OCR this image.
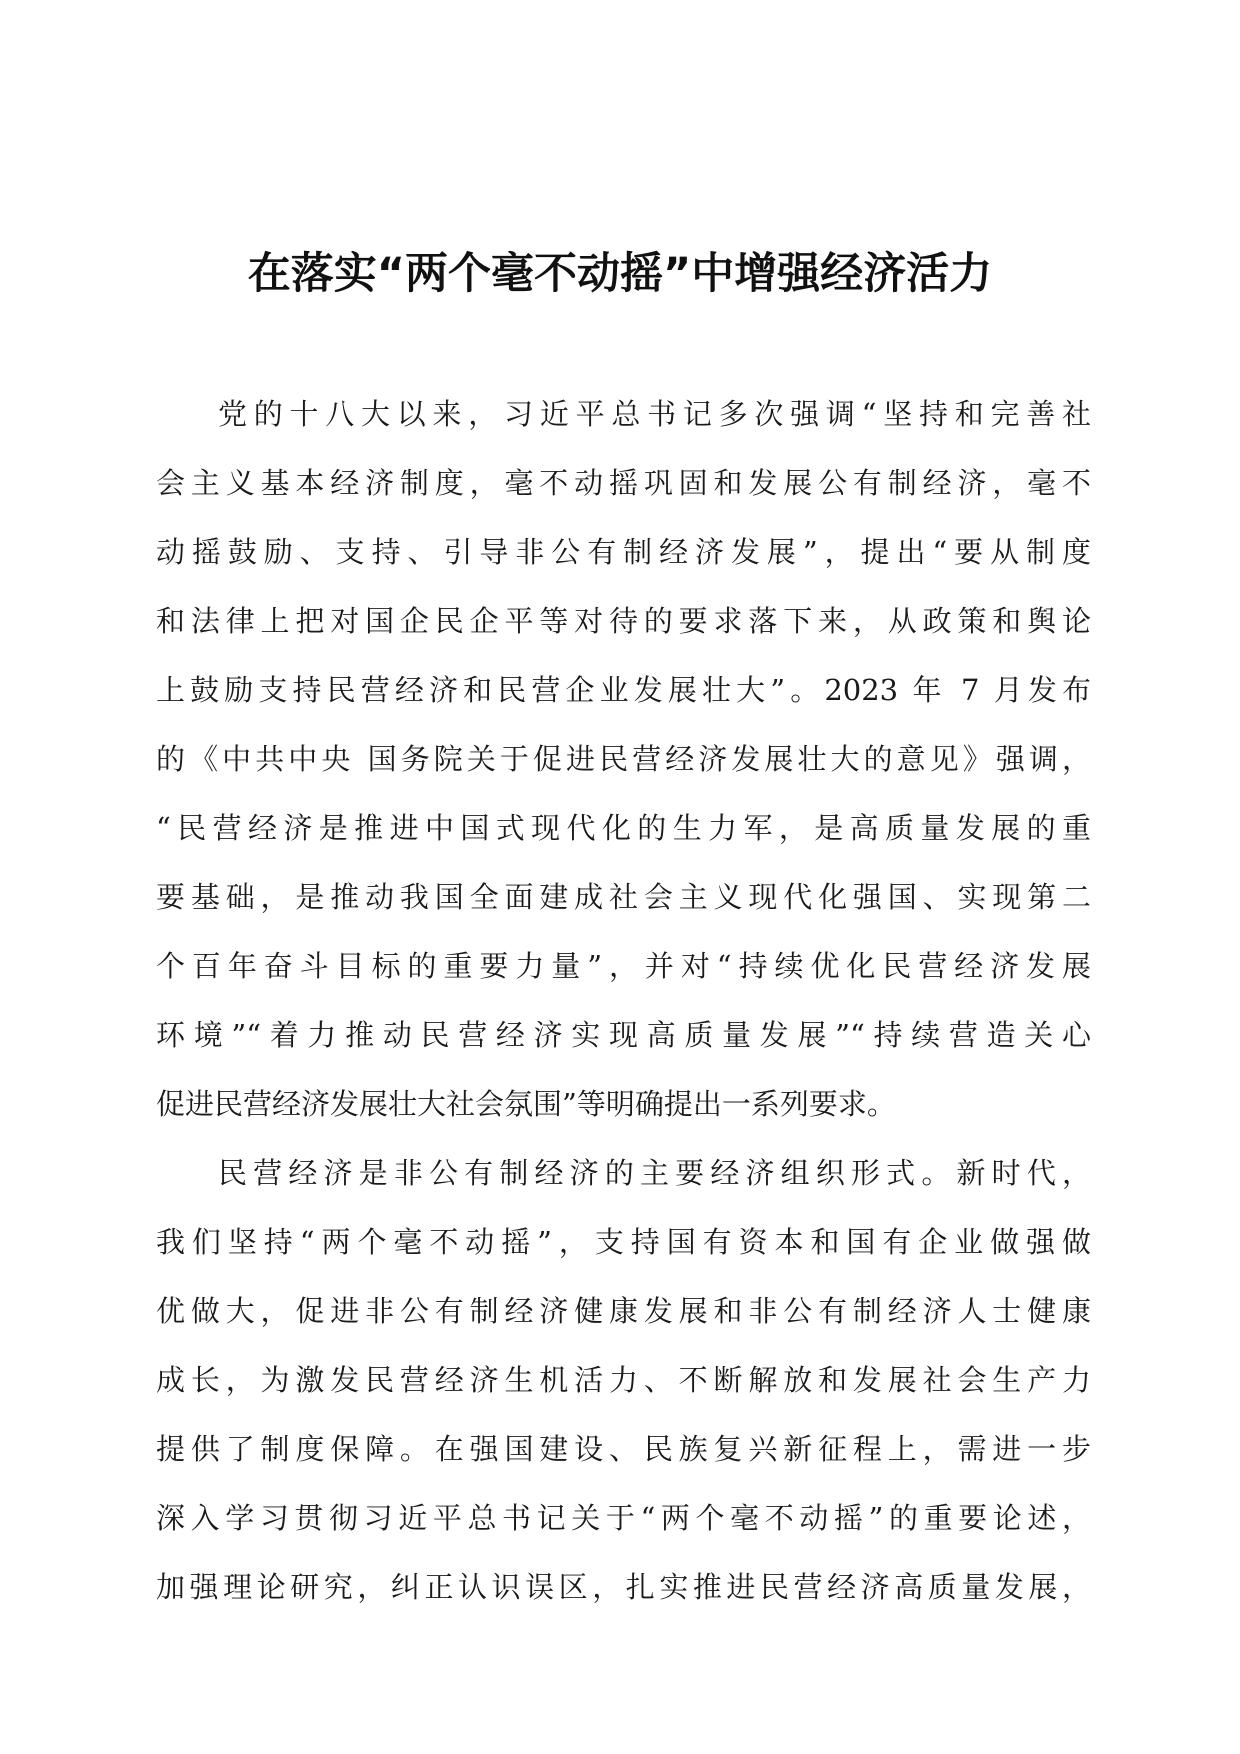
在落实“两个毫不动摇”中增强经济活力
党的十八大以来，习近平总书记多次强调“坚持和完善社
会主义基本经济制度，毫不动摇巩固和发展公有制经济，毫不
动摇鼓励、支持、引导非公有制经济发展”，提出“要从制度
和法律上把对国企民企平等对待的要求落下来，从政策和舆论
上鼓励支持民营经济和民营企业发展壮大”。2023 年 7 月发布
的《中共中央 国务院关于促进民营经济发展壮大的意见》强调，
“民营经济是推进中国式现代化的生力军，是高质量发展的重
要基础，是推动我国全面建成社会主义现代化强国、实现第二
个百年奋斗目标的重要力量”，并对“持续优化民营经济发展
环境”“着力推动民营经济实现高质量发展”“持续营造关心
促进民营经济发展壮大社会氛围”等明确提出一系列要求。
民营经济是非公有制经济的主要经济组织形式。新时代，
我们坚持“两个毫不动摇”，支持国有资本和国有企业做强做
优做大，促进非公有制经济健康发展和非公有制经济人士健康
成长，为激发民营经济生机活力、不断解放和发展社会生产力
提供了制度保障。在强国建设、民族复兴新征程上，需进一步
深入学习贯彻习近平总书记关于“两个毫不动摇”的重要论述，
加强理论研究，纠正认识误区，扎实推进民营经济高质量发展，
